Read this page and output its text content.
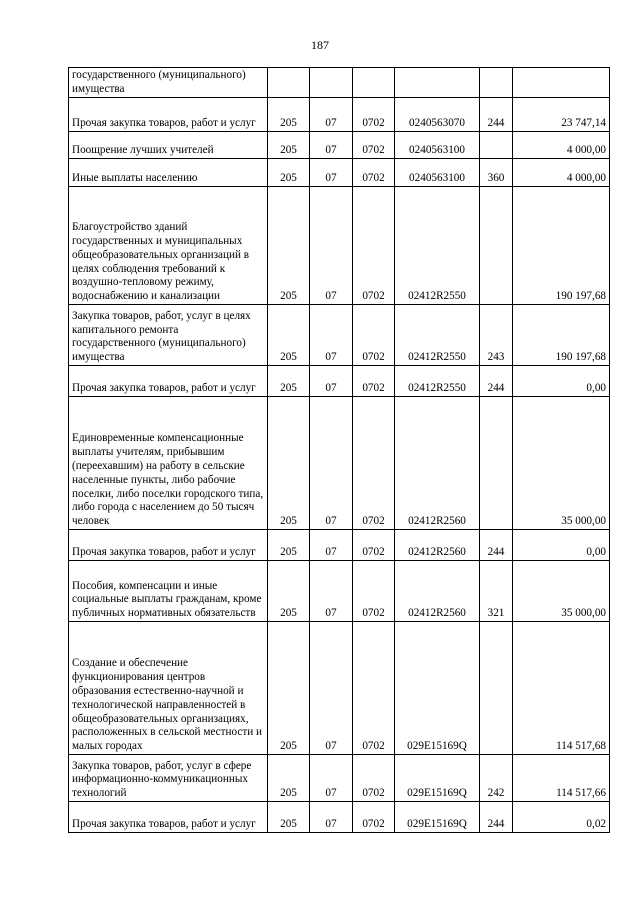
187
государственного (муниципального) имущества						

Прочая закупка товаров, работ и услуг	205	07	0702	0240563070	244	23 747,14

Поощрение лучших учителей	205	07	0702	0240563100		4 000,00

Иные выплаты населению	205	07	0702	0240563100	360	4 000,00

Благоустройство зданий государственных и муниципальных общеобразовательных организаций в целях соблюдения требований к воздушно-тепловому режиму, водоснабжению и канализации	205	07	0702	02412R2550		190 197,68

Закупка товаров, работ, услуг в целях капитального ремонта государственного (муниципального) имущества	205	07	0702	02412R2550	243	190 197,68

Прочая закупка товаров, работ и услуг	205	07	0702	02412R2550	244	0,00

Единовременные компенсационные выплаты учителям, прибывшим (переехавшим) на работу в сельские населенные пункты, либо рабочие поселки, либо поселки городского типа, либо города с населением до 50 тысяч человек	205	07	0702	02412R2560		35 000,00

Прочая закупка товаров, работ и услуг	205	07	0702	02412R2560	244	0,00

Пособия, компенсации и иные социальные выплаты гражданам, кроме публичных нормативных обязательств	205	07	0702	02412R2560	321	35 000,00

Создание и обеспечение функционирования центров образования естественно-научной и технологической направленностей в общеобразовательных организациях, расположенных в сельской местности и малых городах	205	07	0702	029E15169Q		114 517,68

Закупка товаров, работ, услуг в сфере информационно-коммуникационных технологий	205	07	0702	029E15169Q	242	114 517,66

Прочая закупка товаров, работ и услуг	205	07	0702	029E15169Q	244	0,02
